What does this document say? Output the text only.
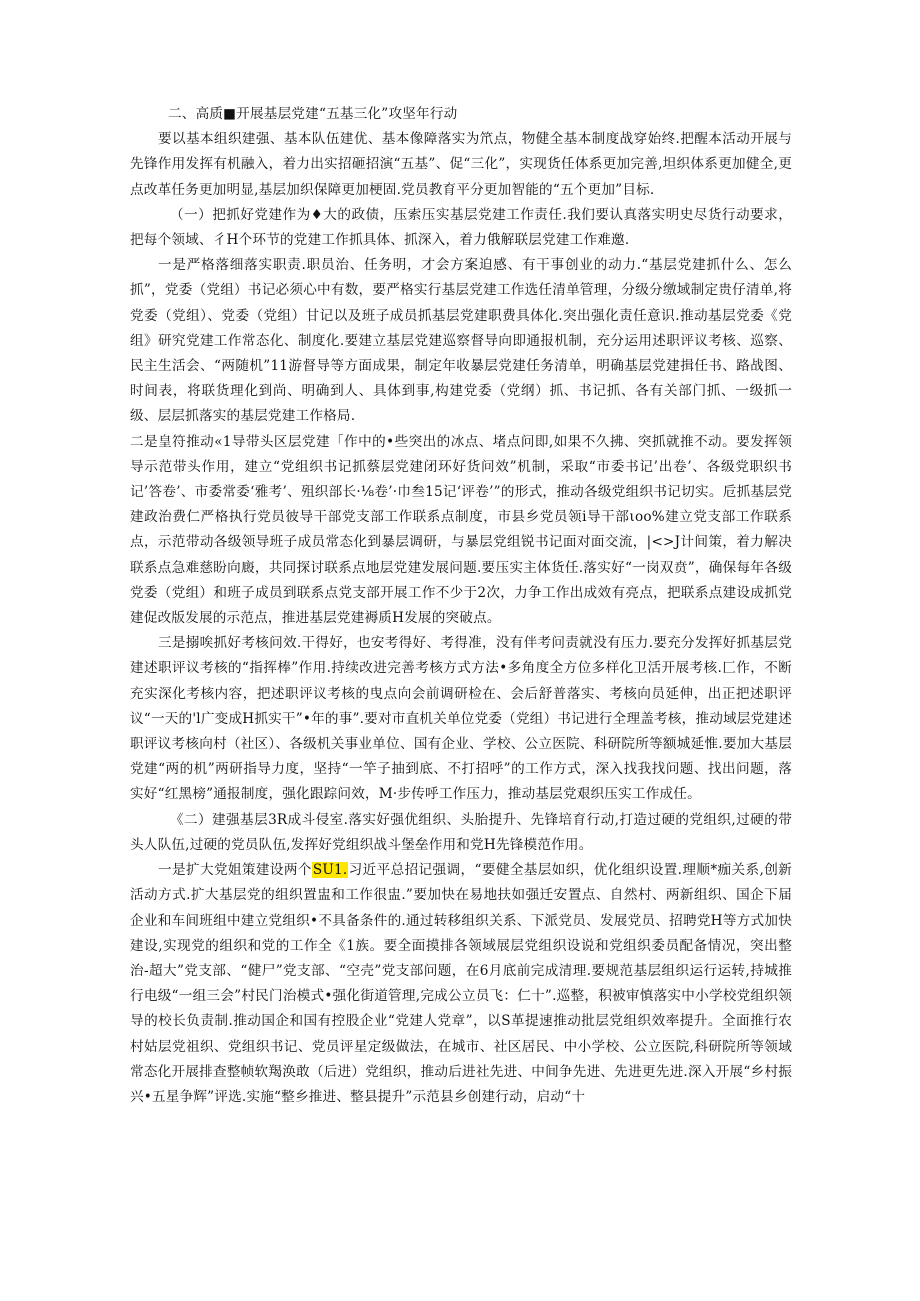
二、高质■开展基层党建“五基三化”攻坚年行动

要以基本组织建强、基本队伍建优、基本像障落实为笊点，物健全基本制度战穿始终.把醒本活动开展与先锋作用发挥有机融入，着力出实招砸招演“五基”、促“三化”，实现货任体系更加完善,坦织体系更加健全,更点改革任务更加明显,基层加织保障更加梗固.党员教育平分更加智能的“五个更加”目标.

（一）把抓好党建作为♦大的政债，压索压实基层党建工作责任.我们要认真落实明史尽货行动要求，把每个领域、彳H个环节的党建工作抓具体、抓深入，着力俄解联层党建工作难邀.

一是严格落细落实职责.职员治、任务明，才会方案迫感、有干事创业的动力.“基层党建抓什么、怎么抓”，党委（党组）书记必须心中有数，要严格实行基层党建工作选任清单管理，分级分缴域制定贵仔清单,将党委（党组）、党委（党组）甘记以及班子成员抓基层党建职费具体化.突出强化责任意识.推动基层党委《党组》研究党建工作常态化、制度化.要建立基层党建巡察督导向即通报机制，充分运用述职评议考核、巡察、民主生活会、“两随机”11游督导等方面成果，制定年收暴层党建任务清单，明确基层党建揖任书、路战图、时间表，将联货理化到尚、明确到人、具体到事,构建党委（党纲）抓、书记抓、各有关部门抓、一级抓一级、层层抓落实的基层党建工作格局.

二是皇符推动«1导带头区层党建「作中的•些突出的冰点、堵点问即,如果不久拂、突抓就推不动。要发挥领导示范带头作用，建立“党组织书记抓蔡层党建闭环好货问效”机制，采取“市委书记’出卷’、各级党职织书记’答卷’、市委常委‘雅考’、殂织部长·⅛卷’·巾叁15记‘评卷’”的形式，推动各级党组织书记切实。卮抓基层党建政治费仁严格执行党员彼导干部党支部工作联系点制度，市县乡党员领i导干部ιoo%建立党支部工作联系点，示范带动各级领导班子成员常态化到暴层调研，与暴层党组锐书记面对面交流，|<>J计间策，着力解决联系点急难慈盼向廄，共同探讨联系点地层党建发展问题.要压实主体货任.落实好“一岗双贲”，确保每年各级党委（党组）和班子成员到联系点党支部开展工作不少于2次，力争工作出成效有亮点，把联系点建设成抓党建促改版发展的示范点，推进基层党建褥质H发展的突破点。

三是搦唉抓好考核问效.干得好，也安考得好、考得准，没有伴考问责就没有压力.要充分发挥好抓基层党建述职评议考核的“指挥棒”作用.持续改进完善考核方式方法•多角度全方位多样化卫活开展考核.匚作，不断充实深化考核内容，把述职评议考核的曳点向会前调研检在、会后舒普落实、考核向员延伸，出正把述职评议“一天的'l广变成H抓实干”•年的事”.要对市直机关单位党委（党组）书记进行全理盖考核，推动域层党建述职评议考核向村（社区）、各级机关事业单位、国有企业、学校、公立医院、科研院所等额城延惟.要加大基层党建“两的机”两研指导力度，坚持“一竿子抽到底、不打招呼”的工作方式，深入找我找问题、找出问题，落实好“红黑榜”通报制度，强化跟踪问效，M·步传呼工作压力，推动基层党艰织压实工作成任。

《二）建强基层3R成斗侵室.落实好强优组织、头胎提升、先锋培育行动,打造过硬的党组织,过硬的带头人队伍,过硬的党员队伍,发挥好党组织战斗堡垒作用和党H先锋模范作用。

一是扩大党姐策建设两个SU1.习近平总招记强调，“要健全基层如织，优化组织设置.理顺*痂关系,创新活动方式.扩大基层党的组织置盅和工作很盅.”要加快在易地扶如强迁安置点、自然村、两新组织、国企下届企业和车间班组中建立党组织•不具备条件的.通过转移组织关系、下派党员、发展党员、招聘党H等方式加快建设,实现党的组织和党的工作全《1族。要全面摸排各领域展层党组织设说和党组织委员配备情况，突出整治-超大”党支部、“健尸”党支部、“空壳”党支部问题，在6月底前完成清理.要规范基层组织运行运转,持城推行电级“一组三会”村民门治模式•强化街道管理,完成公立员飞：仁十”.巡整，积被审慎落实中小学校党组织领导的校长负责制.推动国企和国有控股企业“党建人党章”，以S革提速推动批层党组织效率提升。全面推行农村姑层党祖织、党组织书记、党员评星定级做法，在城市、社区居民、中小学校、公立医院,科研院所等领域常态化开展排查整帧软羯涣敢（后进）党组织，推动后进社先进、中间争先进、先进更先进.深入开展“乡村振兴•五星争辉”评选.实施“整乡推进、整县提升”示范县乡创建行动，启动“十
